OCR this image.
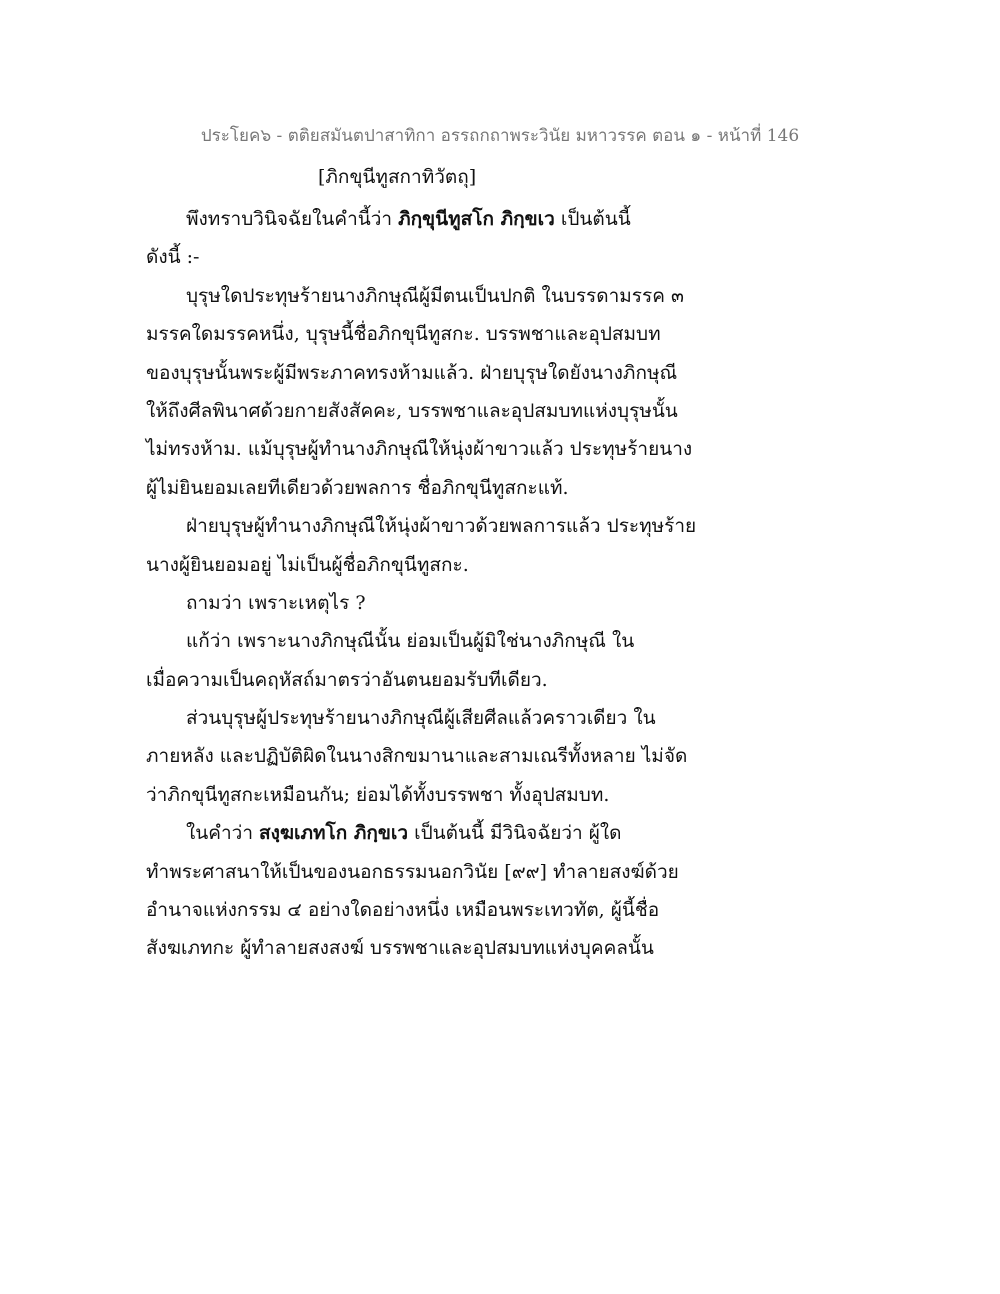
ประโยค๖ - ตติยสมันตปาสาทิกา อรรถกถาพระวินัย มหาวรรค ตอน ๑ - หน้าที่ 146
[ภิกขุนีทูสกาทิวัตถุ]
พึงทราบวินิจฉัยในคำนี้ว่า ภิกฺขุนีทูสโก ภิกฺขเว เป็นต้นนี้
ดังนี้ :-
บุรุษใดประทุษร้ายนางภิกษุณีผู้มีตนเป็นปกติ ในบรรดามรรค ๓
มรรคใดมรรคหนึ่ง, บุรุษนี้ชื่อภิกขุนีทูสกะ. บรรพชาและอุปสมบท
ของบุรุษนั้นพระผู้มีพระภาคทรงห้ามแล้ว. ฝ่ายบุรุษใดยังนางภิกษุณี
ให้ถึงศีลพินาศด้วยกายสังสัคคะ, บรรพชาและอุปสมบทแห่งบุรุษนั้น
ไม่ทรงห้าม. แม้บุรุษผู้ทำนางภิกษุณีให้นุ่งผ้าขาวแล้ว ประทุษร้ายนาง
ผู้ไม่ยินยอมเลยทีเดียวด้วยพลการ ชื่อภิกขุนีทูสกะแท้.
ฝ่ายบุรุษผู้ทำนางภิกษุณีให้นุ่งผ้าขาวด้วยพลการแล้ว ประทุษร้าย
นางผู้ยินยอมอยู่ ไม่เป็นผู้ชื่อภิกขุนีทูสกะ.
ถามว่า เพราะเหตุไร ?
แก้ว่า เพราะนางภิกษุณีนั้น ย่อมเป็นผู้มิใช่นางภิกษุณี ใน
เมื่อความเป็นคฤหัสถ์มาตรว่าอันตนยอมรับทีเดียว.
ส่วนบุรุษผู้ประทุษร้ายนางภิกษุณีผู้เสียศีลแล้วคราวเดียว ใน
ภายหลัง และปฏิบัติผิดในนางสิกขมานาและสามเณรีทั้งหลาย ไม่จัด
ว่าภิกขุนีทูสกะเหมือนกัน; ย่อมได้ทั้งบรรพชา ทั้งอุปสมบท.
ในคำว่า สงฺฆเภทโก ภิกฺขเว เป็นต้นนี้ มีวินิจฉัยว่า ผู้ใด
ทำพระศาสนาให้เป็นของนอกธรรมนอกวินัย [๙๙] ทำลายสงฆ์ด้วย
อำนาจแห่งกรรม ๔ อย่างใดอย่างหนึ่ง เหมือนพระเทวทัต, ผู้นี้ชื่อ
สังฆเภทกะ ผู้ทำลายสงสงฆ์ บรรพชาและอุปสมบทแห่งบุคคลนั้น
